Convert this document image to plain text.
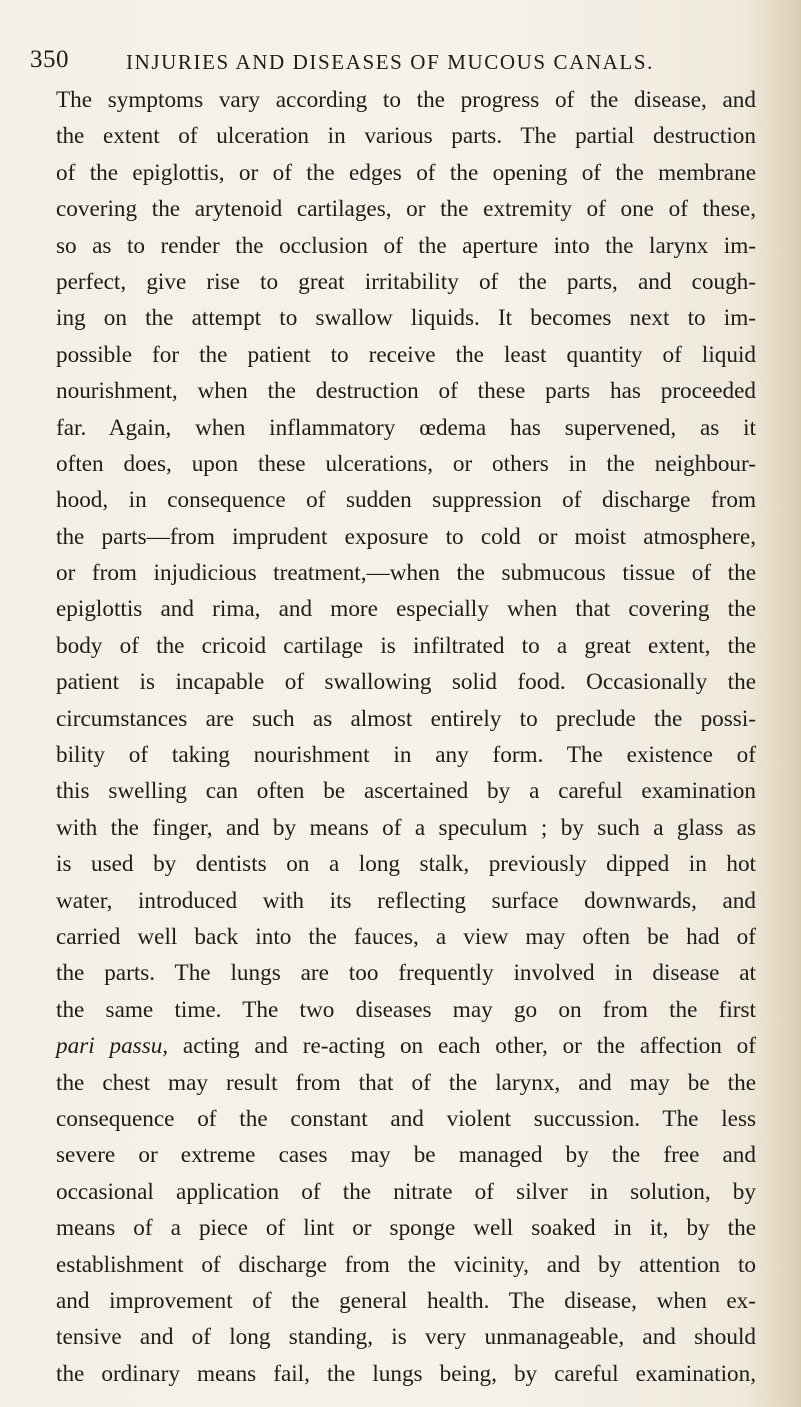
350	INJURIES AND DISEASES OF MUCOUS CANALS.
The symptoms vary according to the progress of the disease, and
the extent of ulceration in various parts. The partial destruction
of the epiglottis, or of the edges of the opening of the membrane
covering the arytenoid cartilages, or the extremity of one of these,
so as to render the occlusion of the aperture into the larynx im-
perfect, give rise to great irritability of the parts, and cough-
ing on the attempt to swallow liquids. It becomes next to im-
possible for the patient to receive the least quantity of liquid
nourishment, when the destruction of these parts has proceeded
far. Again, when inflammatory œdema has supervened, as it
often does, upon these ulcerations, or others in the neighbour-
hood, in consequence of sudden suppression of discharge from
the parts—from imprudent exposure to cold or moist atmosphere,
or from injudicious treatment,—when the submucous tissue of the
epiglottis and rima, and more especially when that covering the
body of the cricoid cartilage is infiltrated to a great extent, the
patient is incapable of swallowing solid food. Occasionally the
circumstances are such as almost entirely to preclude the possi-
bility of taking nourishment in any form. The existence of
this swelling can often be ascertained by a careful examination
with the finger, and by means of a speculum ; by such a glass as
is used by dentists on a long stalk, previously dipped in hot
water, introduced with its reflecting surface downwards, and
carried well back into the fauces, a view may often be had of
the parts. The lungs are too frequently involved in disease at
the same time. The two diseases may go on from the first
pari passu, acting and re-acting on each other, or the affection of
the chest may result from that of the larynx, and may be the
consequence of the constant and violent succussion. The less
severe or extreme cases may be managed by the free and
occasional application of the nitrate of silver in solution, by
means of a piece of lint or sponge well soaked in it, by the
establishment of discharge from the vicinity, and by attention to
and improvement of the general health. The disease, when ex-
tensive and of long standing, is very unmanageable, and should
the ordinary means fail, the lungs being, by careful examination,
